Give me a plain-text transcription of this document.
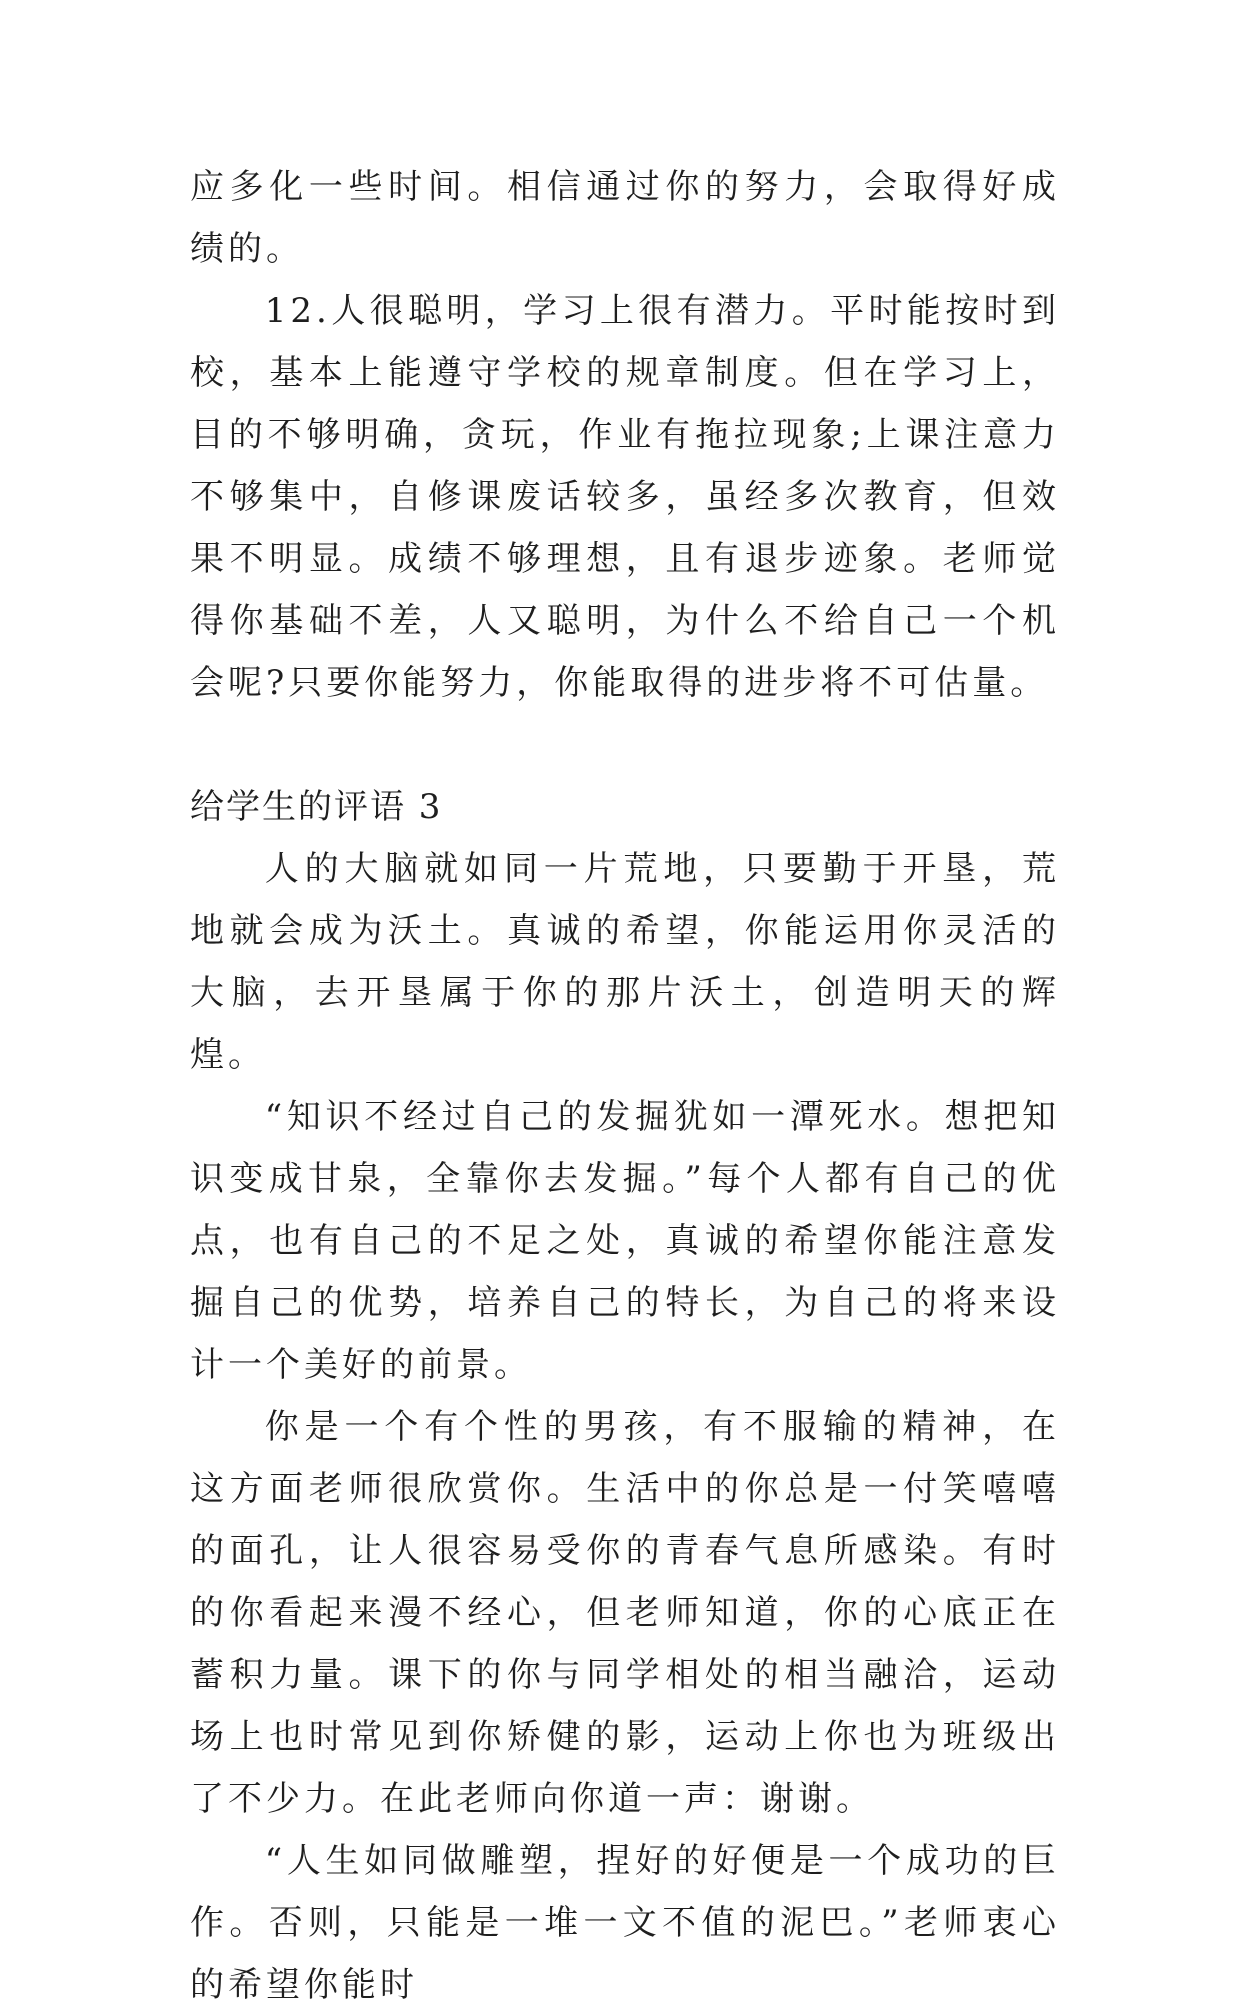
应多化一些时间。相信通过你的努力，会取得好成绩的。

12.人很聪明，学习上很有潜力。平时能按时到校，基本上能遵守学校的规章制度。但在学习上，目的不够明确，贪玩，作业有拖拉现象;上课注意力不够集中，自修课废话较多，虽经多次教育，但效果不明显。成绩不够理想，且有退步迹象。老师觉得你基础不差，人又聪明，为什么不给自己一个机会呢?只要你能努力，你能取得的进步将不可估量。

给学生的评语 3

人的大脑就如同一片荒地，只要勤于开垦，荒地就会成为沃土。真诚的希望，你能运用你灵活的大脑，去开垦属于你的那片沃土，创造明天的辉煌。

“知识不经过自己的发掘犹如一潭死水。想把知识变成甘泉，全靠你去发掘。”每个人都有自己的优点，也有自己的不足之处，真诚的希望你能注意发掘自己的优势，培养自己的特长，为自己的将来设计一个美好的前景。

你是一个有个性的男孩，有不服输的精神，在这方面老师很欣赏你。生活中的你总是一付笑嘻嘻的面孔，让人很容易受你的青春气息所感染。有时的你看起来漫不经心，但老师知道，你的心底正在蓄积力量。课下的你与同学相处的相当融洽，运动场上也时常见到你矫健的影，运动上你也为班级出了不少力。在此老师向你道一声：谢谢。

“人生如同做雕塑，捏好的好便是一个成功的巨作。否则，只能是一堆一文不值的泥巴。”老师衷心的希望你能时
